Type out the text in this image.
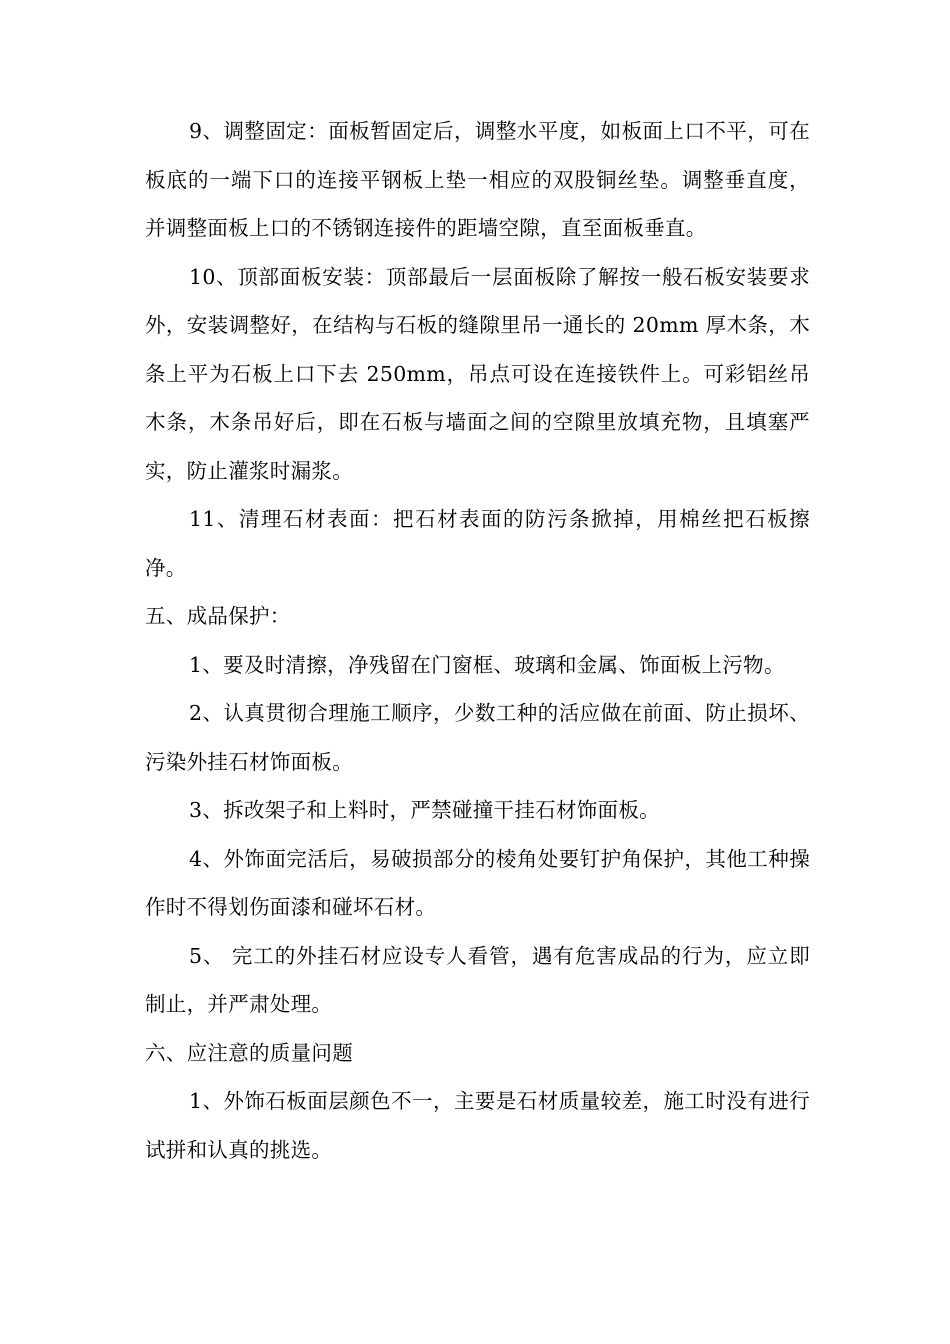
9、调整固定：面板暂固定后，调整水平度，如板面上口不平，可在板底的一端下口的连接平钢板上垫一相应的双股铜丝垫。调整垂直度，并调整面板上口的不锈钢连接件的距墙空隙，直至面板垂直。

10、顶部面板安装：顶部最后一层面板除了解按一般石板安装要求外，安装调整好，在结构与石板的缝隙里吊一通长的 20mm 厚木条，木条上平为石板上口下去 250mm，吊点可设在连接铁件上。可彩铝丝吊木条，木条吊好后，即在石板与墙面之间的空隙里放填充物，且填塞严实，防止灌浆时漏浆。

11、清理石材表面：把石材表面的防污条掀掉，用棉丝把石板擦净。

五、成品保护：

1、要及时清擦，净残留在门窗框、玻璃和金属、饰面板上污物。

2、认真贯彻合理施工顺序，少数工种的活应做在前面、防止损坏、污染外挂石材饰面板。

3、拆改架子和上料时，严禁碰撞干挂石材饰面板。

4、外饰面完活后，易破损部分的棱角处要钉护角保护，其他工种操作时不得划伤面漆和碰坏石材。

5、 完工的外挂石材应设专人看管，遇有危害成品的行为，应立即制止，并严肃处理。

六、应注意的质量问题

1、外饰石板面层颜色不一，主要是石材质量较差，施工时没有进行试拼和认真的挑选。
